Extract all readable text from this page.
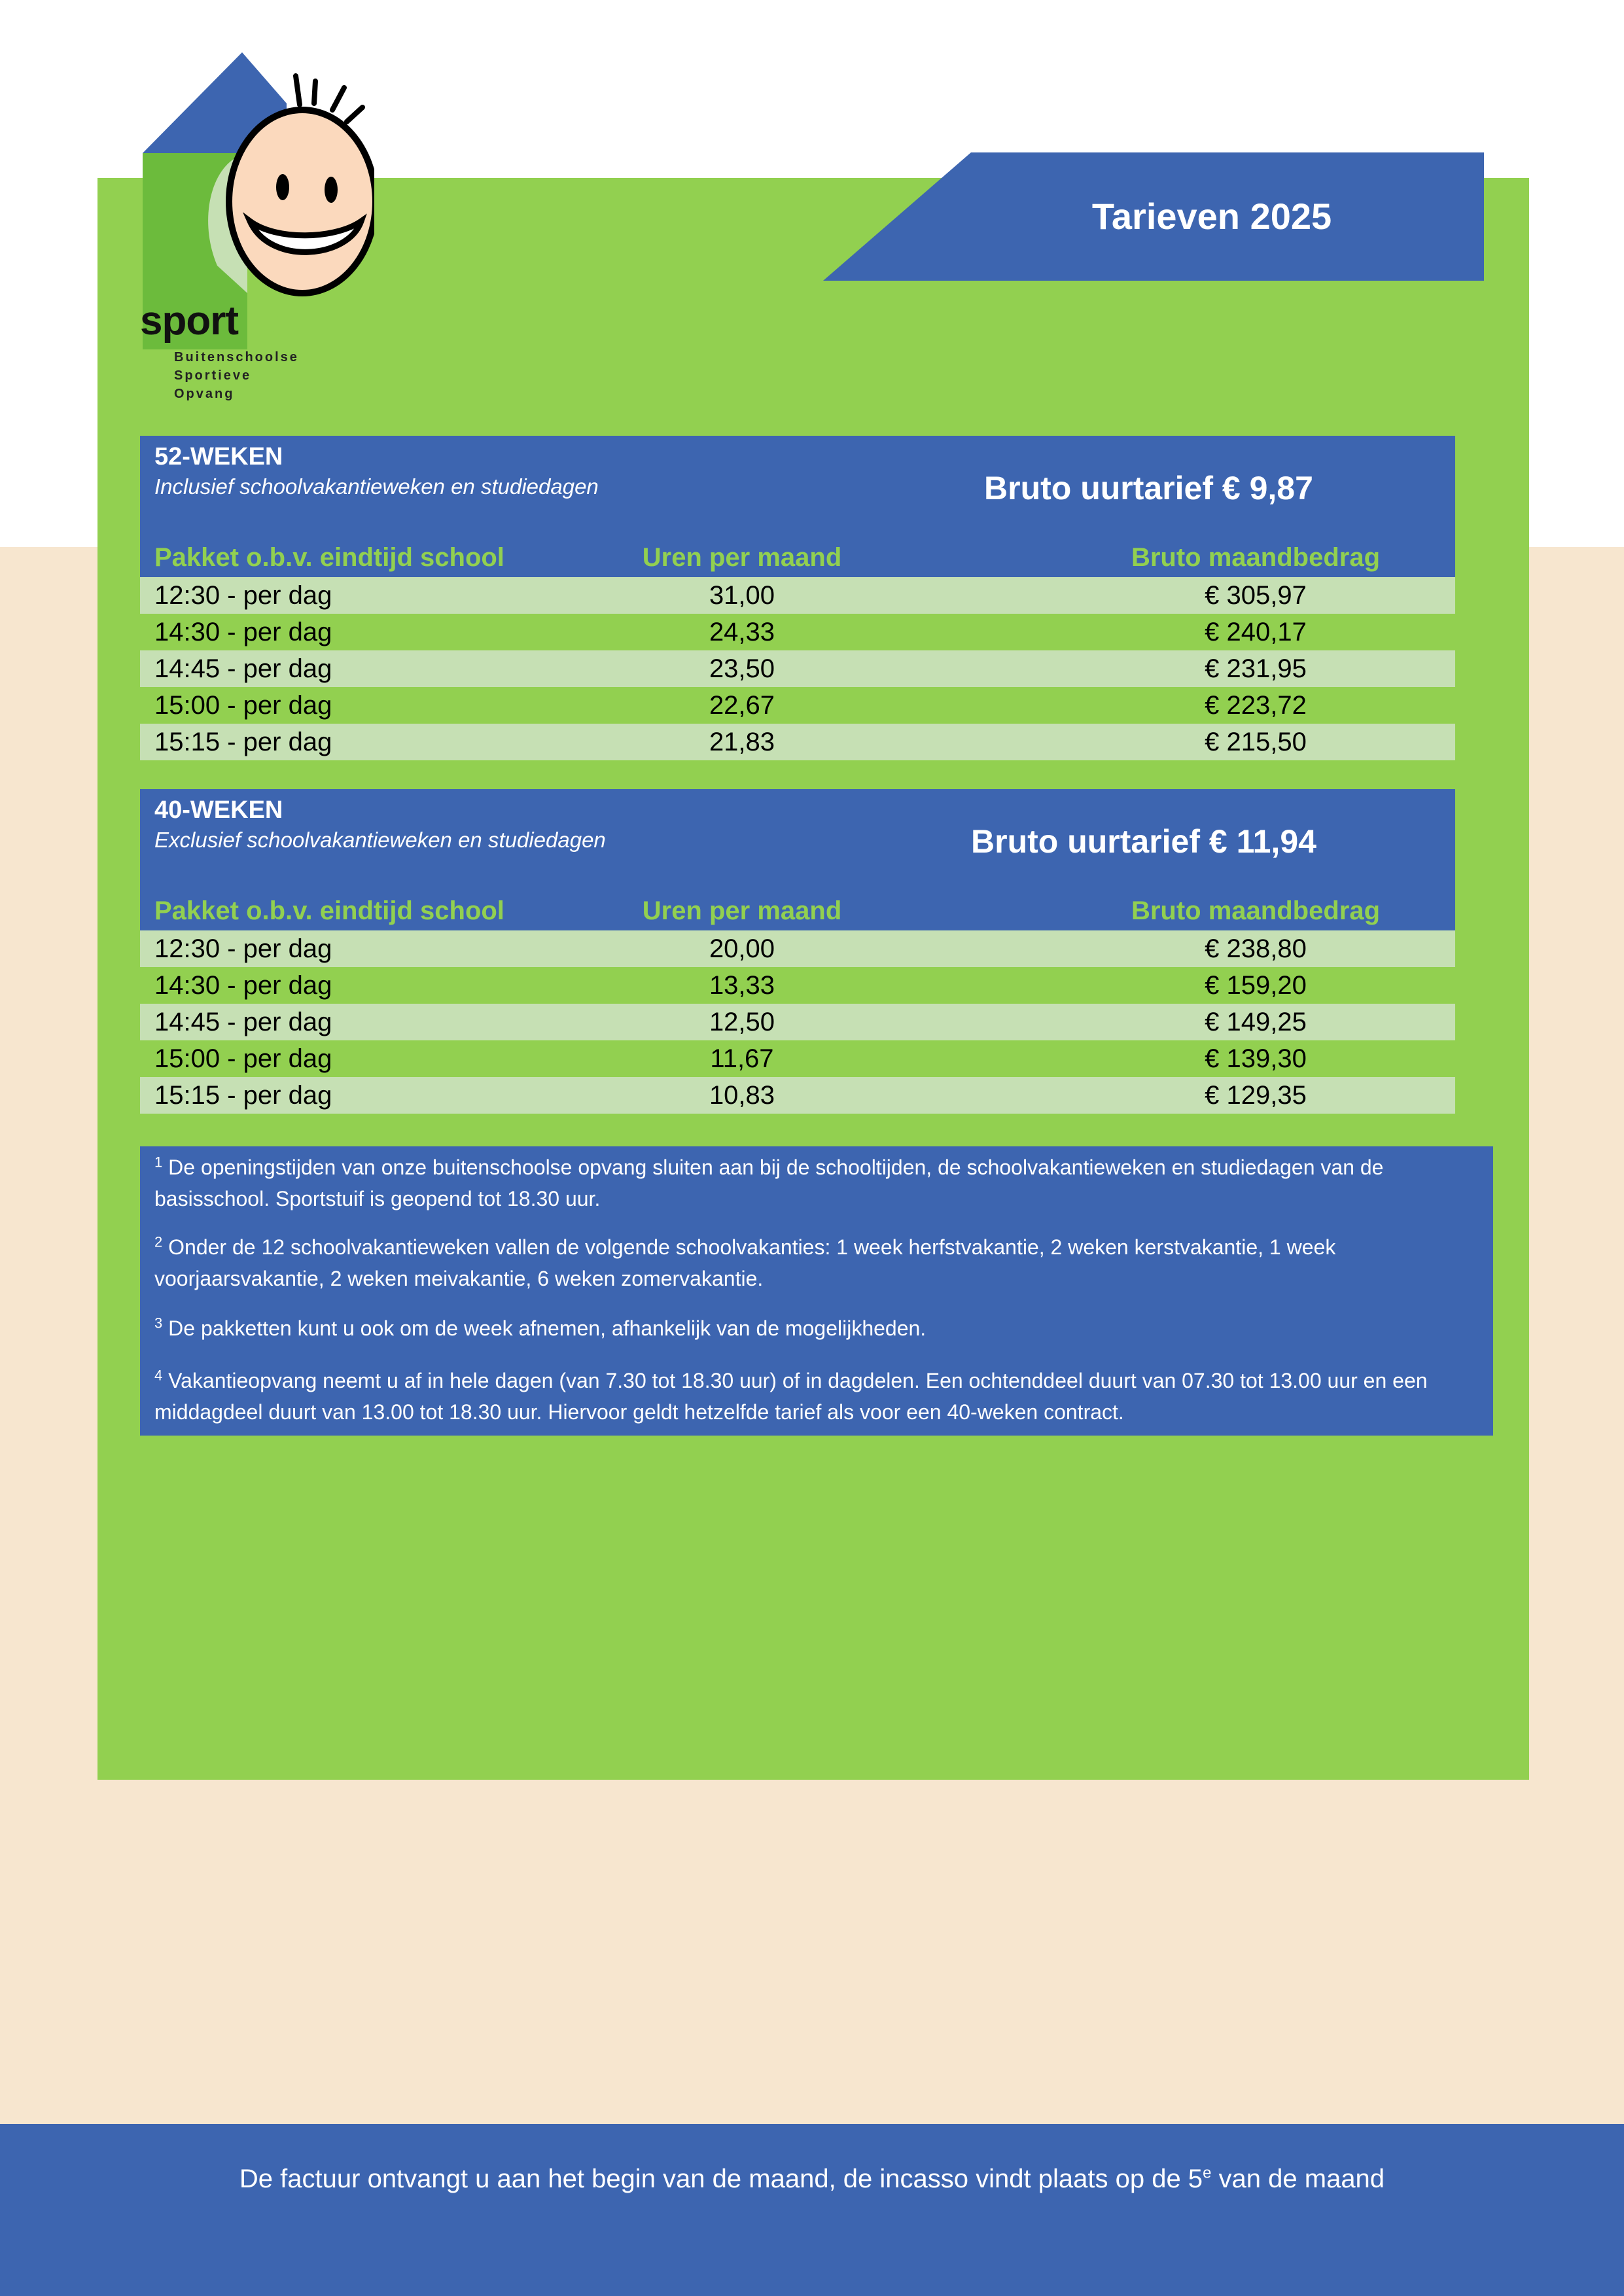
sport stuif
Buitenschoolse
Sportieve
Opvang
Tarieven 2025
52-WEKEN
Inclusief schoolvakantieweken en studiedagen	Bruto uurtarief € 9,87
Pakket o.b.v. eindtijd school	Uren per maand	Bruto maandbedrag
12:30 - per dag	31,00	€ 305,97
14:30 - per dag	24,33	€ 240,17
14:45 - per dag	23,50	€ 231,95
15:00 - per dag	22,67	€ 223,72
15:15 - per dag	21,83	€ 215,50
40-WEKEN
Exclusief schoolvakantieweken en studiedagen	Bruto uurtarief € 11,94
Pakket o.b.v. eindtijd school	Uren per maand	Bruto maandbedrag
12:30 - per dag	20,00	€ 238,80
14:30 - per dag	13,33	€ 159,20
14:45 - per dag	12,50	€ 149,25
15:00 - per dag	11,67	€ 139,30
15:15 - per dag	10,83	€ 129,35
$^1$ De openingstijden van onze buitenschoolse opvang sluiten aan bij de schooltijden, de schoolvakantieweken en studiedagen van de basisschool. Sportstuif is geopend tot 18.30 uur.
$^2$ Onder de 12 schoolvakantieweken vallen de volgende schoolvakanties: 1 week herfstvakantie, 2 weken kerstvakantie, 1 week voorjaarsvakantie, 2 weken meivakantie, 6 weken zomervakantie.
$^3$ De pakketten kunt u ook om de week afnemen, afhankelijk van de mogelijkheden.
$^4$ Vakantieopvang neemt u af in hele dagen (van 7.30 tot 18.30 uur) of in dagdelen. Een ochtenddeel duurt van 07.30 tot 13.00 uur en een middagdeel duurt van 13.00 tot 18.30 uur. Hiervoor geldt hetzelfde tarief als voor een 40-weken contract.
De factuur ontvangt u aan het begin van de maand, de incasso vindt plaats op de 5e van de maand
